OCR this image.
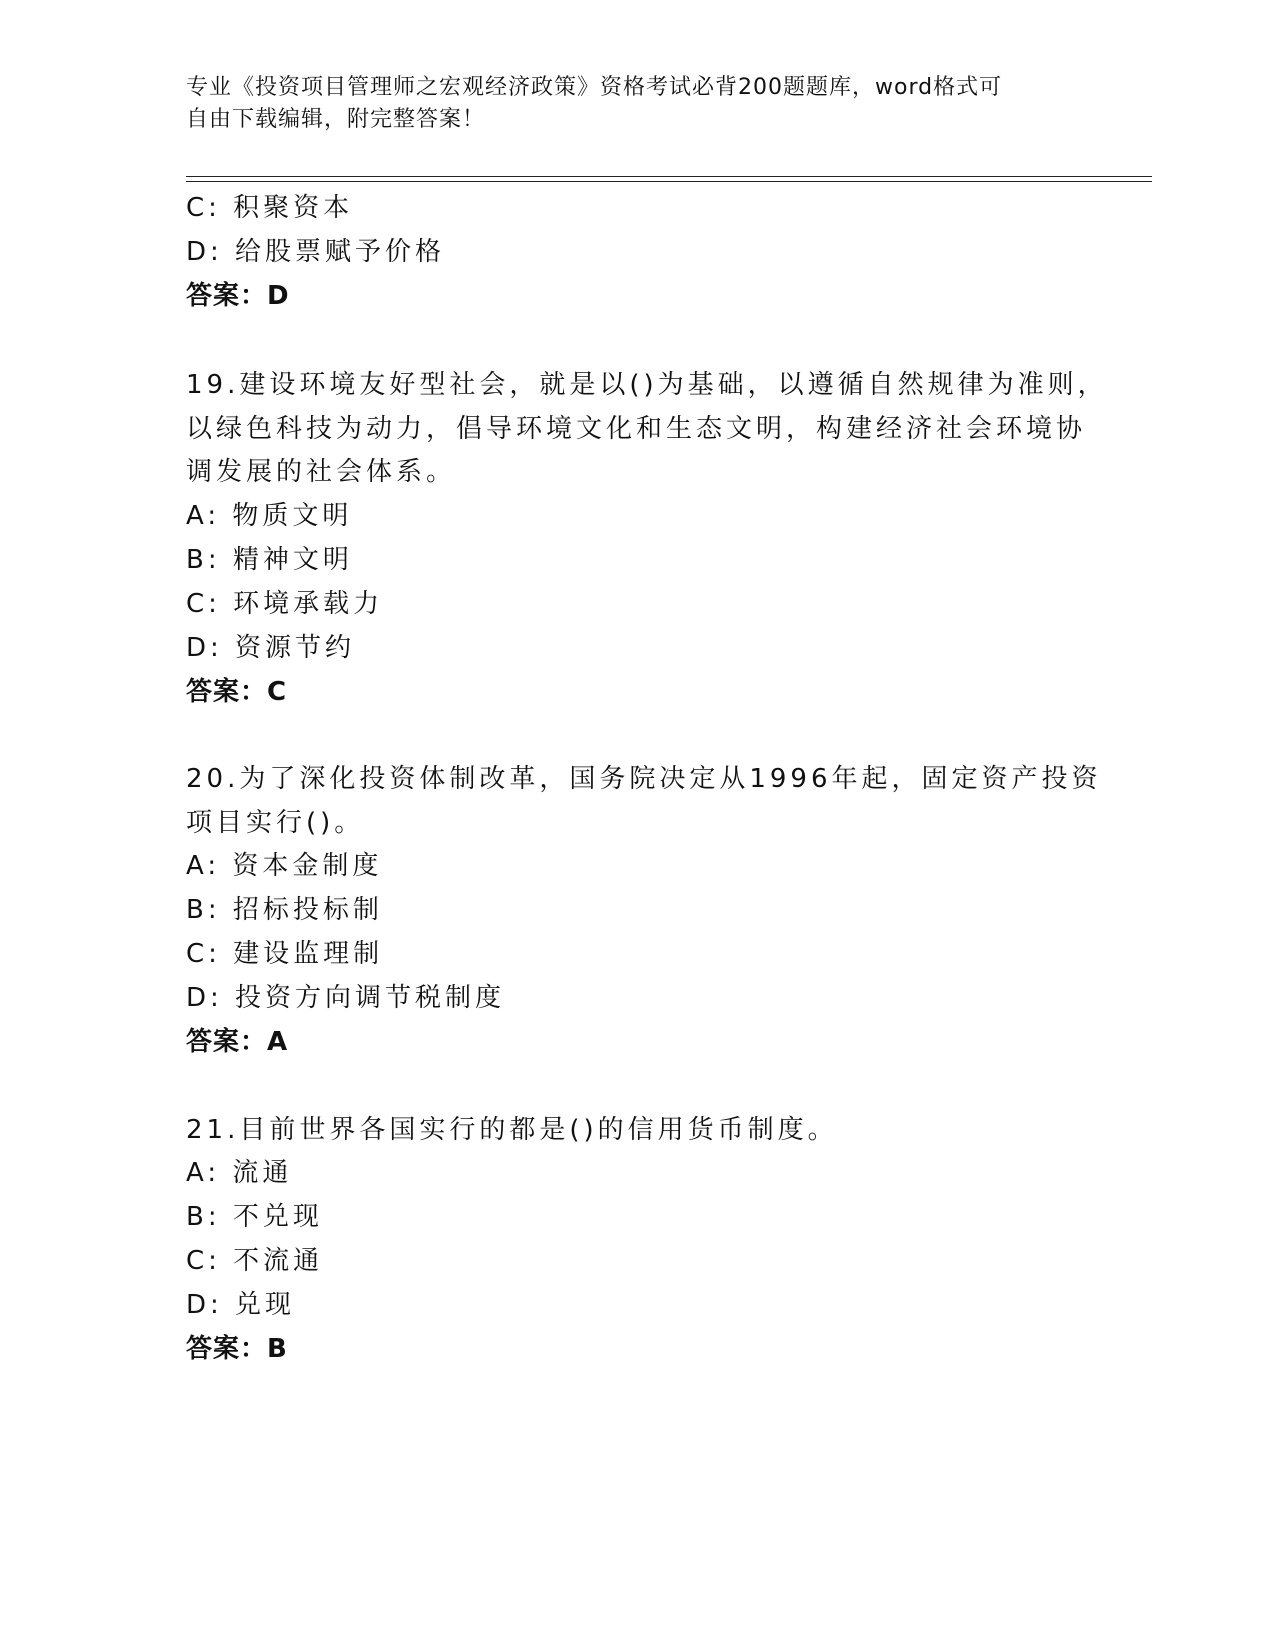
专业《投资项目管理师之宏观经济政策》资格考试必背200题题库，word格式可
自由下载编辑，附完整答案！
C: 积聚资本
D: 给股票赋予价格
答案：D
19.建设环境友好型社会，就是以()为基础，以遵循自然规律为准则，
以绿色科技为动力，倡导环境文化和生态文明，构建经济社会环境协
调发展的社会体系。
A: 物质文明
B: 精神文明
C: 环境承载力
D: 资源节约
答案：C
20.为了深化投资体制改革，国务院决定从1996年起，固定资产投资
项目实行()。
A: 资本金制度
B: 招标投标制
C: 建设监理制
D: 投资方向调节税制度
答案：A
21.目前世界各国实行的都是()的信用货币制度。
A: 流通
B: 不兑现
C: 不流通
D: 兑现
答案：B
